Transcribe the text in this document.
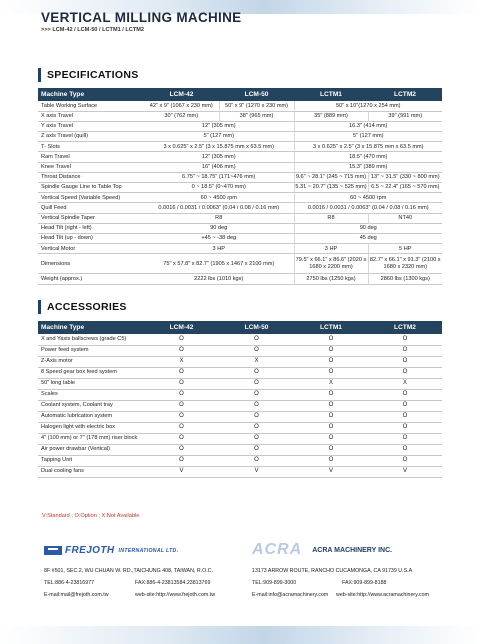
VERTICAL MILLING MACHINE
>>> LCM-42 / LCM-50 / LCTM1 / LCTM2
SPECIFICATIONS
Machine Type	LCM-42	LCM-50	LCTM1	LCTM2
Table Working Surface	42" x 9" (1067 x 230 mm)	50" x 9" (1270 x 230 mm)	50" x 10"(1270 x 254 mm)	
X axis Travel	30" (762 mm)	38" (965 mm)	35" (889 mm)	39" (991 mm)
Y axis Travel	12" (305 mm)		16.3" (414 mm)	
Z axis Travel (quill)	5" (127 mm)		5" (127 mm)	
T- Slots	3 x 0.625" x 2.5" (3 x 15.875 mm x 63.5 mm)		3 x 0.625" x 2.5" (3 x 15.875 mm x 63.5 mm)	
Ram Travel	12" (305 mm)		18.5" (470 mm)	
Knee Travel	16" (406 mm)		15.3" (389 mm)	
Throat Distance	6.75" ~ 18.75" (171~476 mm)		9.6" ~ 28.1" (245 ~ 715 mm)	13" ~ 31.5" (330 ~ 800 mm)
Spindle Gauge Line to Table Top	0 ~ 18.5" (0~470 mm)		5.31 ~ 20.7" (135 ~ 525 mm)	6.5 ~ 22.4" (165 ~ 570 mm)
Vertical Speed (Variable Speed)	60 ~ 4500 rpm		60 ~ 4500 rpm	
Quill Feed	0.0016 / 0.0031 / 0.0063" (0.04 / 0.08 / 0.16 mm)		0.0016 / 0.0031 / 0.0063" (0.04 / 0.08 / 0.16 mm)	
Vertical Spindle Taper	R8		R8	NT40
Head Tilt (right - left)	90 deg		90 deg	
Head Tilt (up - down)	+45 ~ -38 deg		45 deg	
Vertical Motor	3 HP		3 HP	5 HP
Dimensions	75" x 57.8" x 82.7" (1905 x 1467 x 2100 mm)		79.5" x 66.1" x 86.6" (2020 x 1680 x 2200 mm)	82.7" x 66.1" x 91.3" (2100 x 1680 x 2320 mm)
Weight (approx.)	2222 lbs (1010 kgs)		2750 lbs (1250 kgs)	2860 lbs (1300 kgs)
ACCESSORIES
Machine Type	LCM-42	LCM-50	LCTM1	LCTM2
X and Yaxis ballscrews (grade C5)	O	O	O	O
Power feed system	O	O	O	O
Z-Axis motor	X	X	O	O
8 Speed gear box feed system	O	O	O	O
50" long table	O	O	X	X
Scales	O	O	O	O
Coolant system, Coolant tray	O	O	O	O
Automatic lubrication system	O	O	O	O
Halogen light with electric box	O	O	O	O
4" (100 mm) or 7" (178 mm) riser block	O	O	O	O
Air power drawbar (Vertical)	O	O	O	O
Tapping Unit	O	O	O	O
Dual cooling fans	V	V	V	V
V:Standard ; O:Option ; X:Not Available
FREJOTH INTERNATIONAL LTD.
8F #501, SEC.2, WU CHUAN W. RD.,TAICHUNG 408, TAIWAN, R.O.C.
TEL:886-4-23816977	FAX:886-4-23813584.23813769
E-mail:mail@frejoth.com.tw	web-site:http://www.frejoth.com.tw
ACRA ACRA MACHINERY INC.
13173 ARROW ROUTE, RANCHO CUCAMONGA, CA 91739 U.S.A
TEL:909-899-3000	FAX:909-899-8188
E-mail:info@acramachinery.com web-site:http://www.acramachinery.com
